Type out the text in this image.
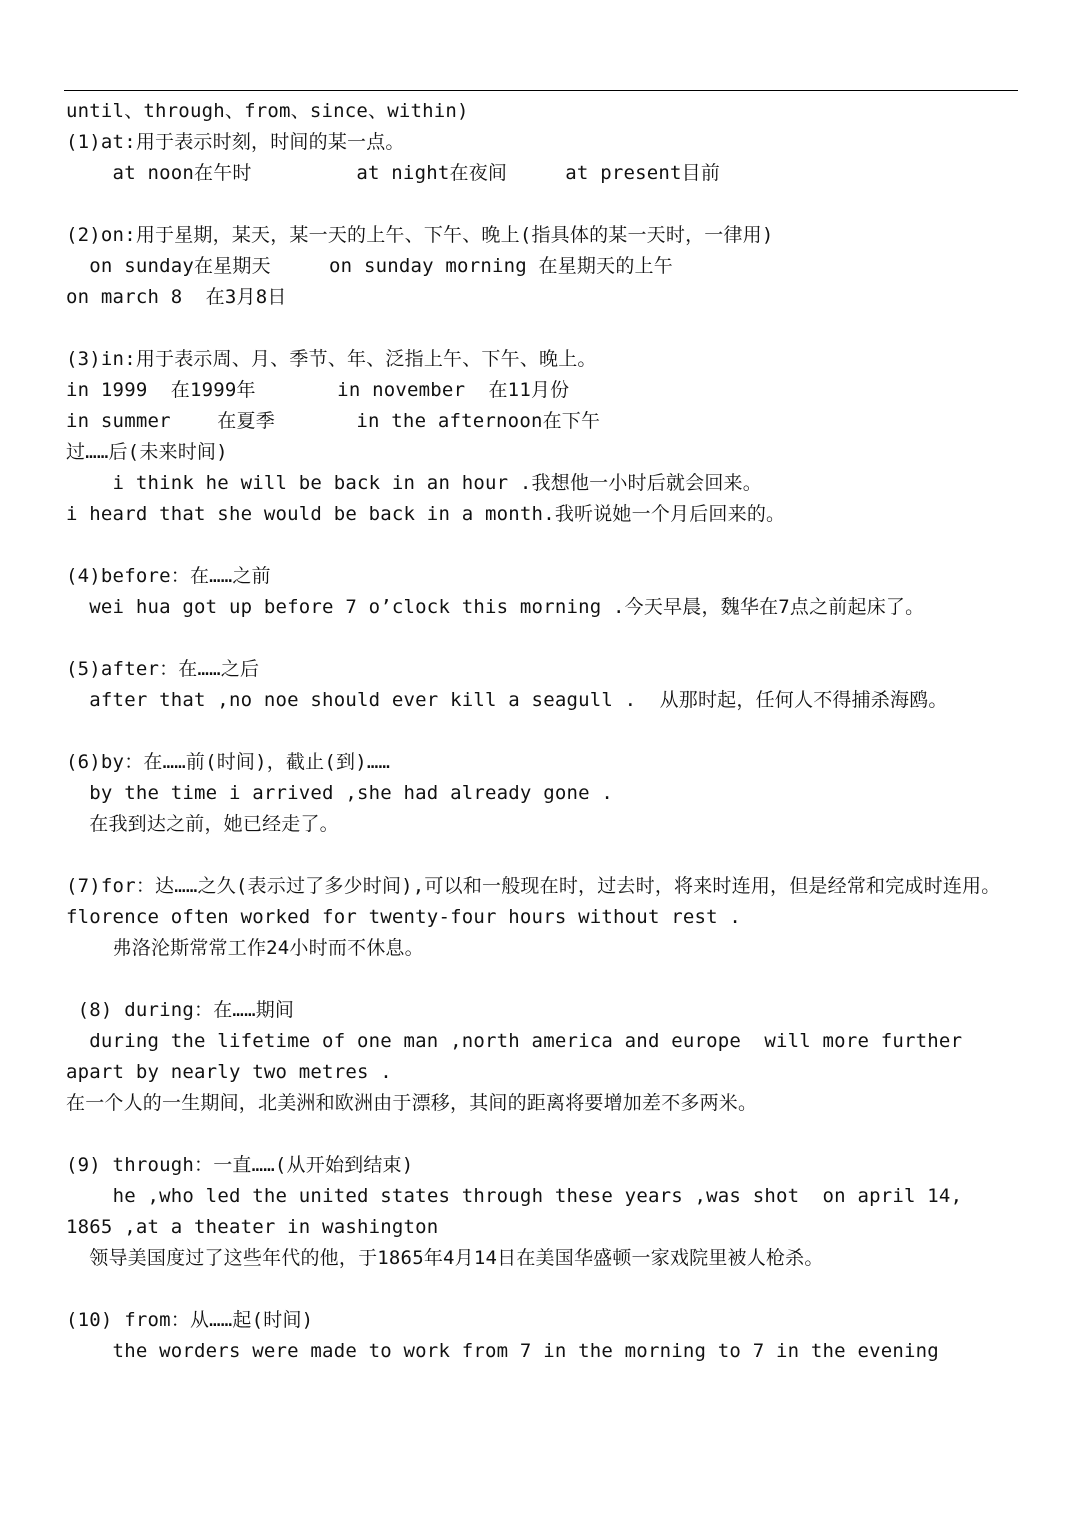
until、through、from、since、within)
(1)at:用于表示时刻，时间的某一点。
at noon在午时         at night在夜间     at present目前
(2)on:用于星期，某天，某一天的上午、下午、晚上(指具体的某一天时，一律用)
on sunday在星期天     on sunday morning 在星期天的上午
on march 8  在3月8日
(3)in:用于表示周、月、季节、年、泛指上午、下午、晚上。
in 1999  在1999年       in november  在11月份
in summer    在夏季       in the afternoon在下午
过……后(未来时间)
i think he will be back in an hour .我想他一小时后就会回来。
i heard that she would be back in a month.我听说她一个月后回来的。
(4)before：在……之前
wei hua got up before 7 o’clock this morning .今天早晨，魏华在7点之前起床了。
(5)after：在……之后
after that ,no noe should ever kill a seagull .  从那时起，任何人不得捕杀海鸥。
(6)by：在……前(时间)，截止(到)……
by the time i arrived ,she had already gone .
在我到达之前，她已经走了。
(7)for：达……之久(表示过了多少时间),可以和一般现在时，过去时，将来时连用，但是经常和完成时连用。
florence often worked for twenty-four hours without rest .
弗洛沦斯常常工作24小时而不休息。
(8) during：在……期间
during the lifetime of one man ,north america and europe  will more further apart by nearly two metres .
在一个人的一生期间，北美洲和欧洲由于漂移，其间的距离将要增加差不多两米。
(9) through：一直……(从开始到结束)
he ,who led the united states through these years ,was shot  on april 14, 1865 ,at a theater in washington
领导美国度过了这些年代的他，于1865年4月14日在美国华盛顿一家戏院里被人枪杀。
(10) from：从……起(时间)
the worders were made to work from 7 in the morning to 7 in the evening
